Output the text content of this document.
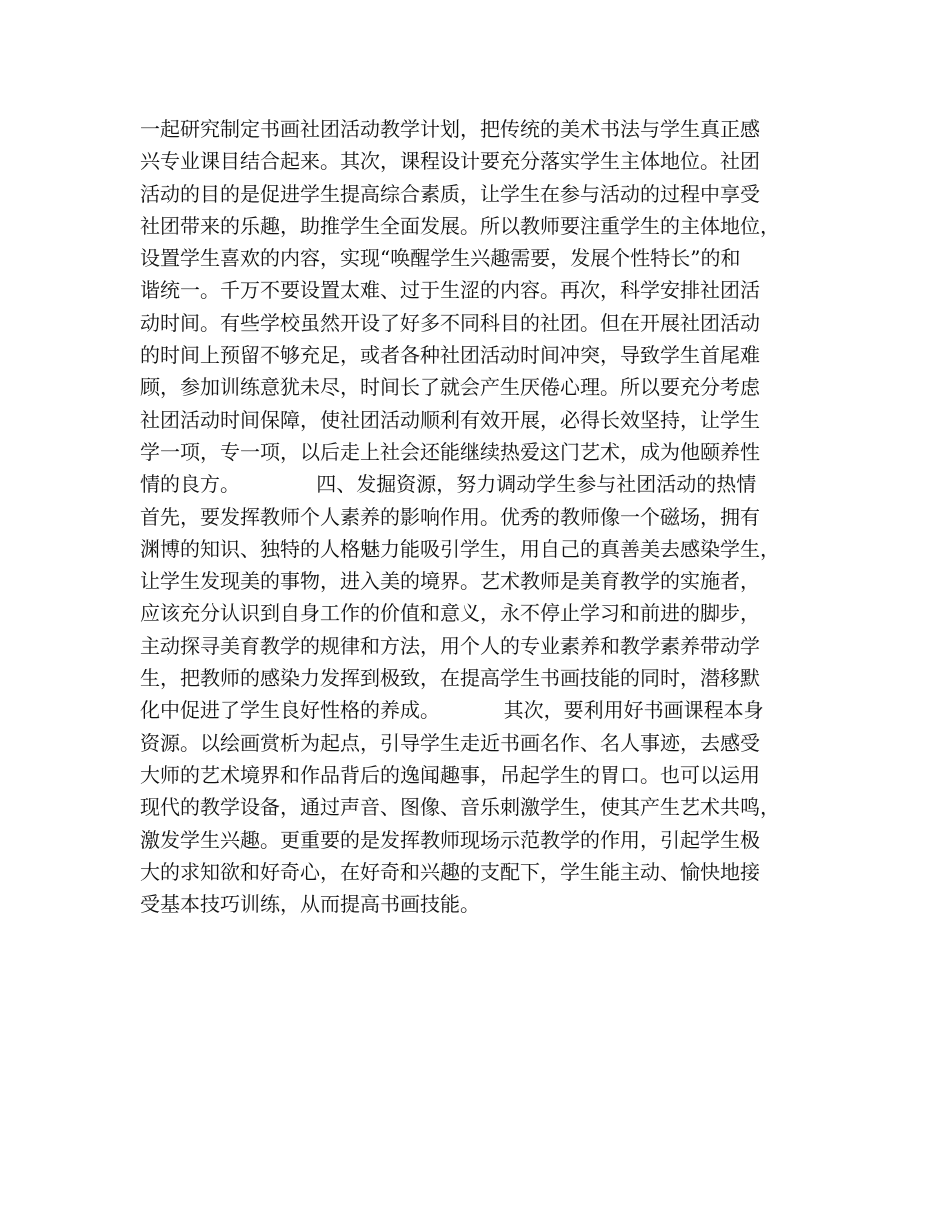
一起研究制定书画社团活动教学计划，把传统的美术书法与学生真正感
兴专业课目结合起来。其次，课程设计要充分落实学生主体地位。社团
活动的目的是促进学生提高综合素质，让学生在参与活动的过程中享受
社团带来的乐趣，助推学生全面发展。所以教师要注重学生的主体地位，
设置学生喜欢的内容，实现“唤醒学生兴趣需要，发展个性特长”的和
谐统一。千万不要设置太难、过于生涩的内容。再次，科学安排社团活
动时间。有些学校虽然开设了好多不同科目的社团。但在开展社团活动
的时间上预留不够充足，或者各种社团活动时间冲突，导致学生首尾难
顾，参加训练意犹未尽，时间长了就会产生厌倦心理。所以要充分考虑
社团活动时间保障，使社团活动顺利有效开展，必得长效坚持，让学生
学一项，专一项，以后走上社会还能继续热爱这门艺术，成为他颐养性
情的良方。            四、发掘资源，努力调动学生参与社团活动的热情
首先，要发挥教师个人素养的影响作用。优秀的教师像一个磁场，拥有
渊博的知识、独特的人格魅力能吸引学生，用自己的真善美去感染学生，
让学生发现美的事物，进入美的境界。艺术教师是美育教学的实施者，
应该充分认识到自身工作的价值和意义，永不停止学习和前进的脚步，
主动探寻美育教学的规律和方法，用个人的专业素养和教学素养带动学
生，把教师的感染力发挥到极致，在提高学生书画技能的同时，潜移默
化中促进了学生良好性格的养成。          其次，要利用好书画课程本身
资源。以绘画赏析为起点，引导学生走近书画名作、名人事迹，去感受
大师的艺术境界和作品背后的逸闻趣事，吊起学生的胃口。也可以运用
现代的教学设备，通过声音、图像、音乐刺激学生，使其产生艺术共鸣，
激发学生兴趣。更重要的是发挥教师现场示范教学的作用，引起学生极
大的求知欲和好奇心，在好奇和兴趣的支配下，学生能主动、愉快地接
受基本技巧训练，从而提高书画技能。
